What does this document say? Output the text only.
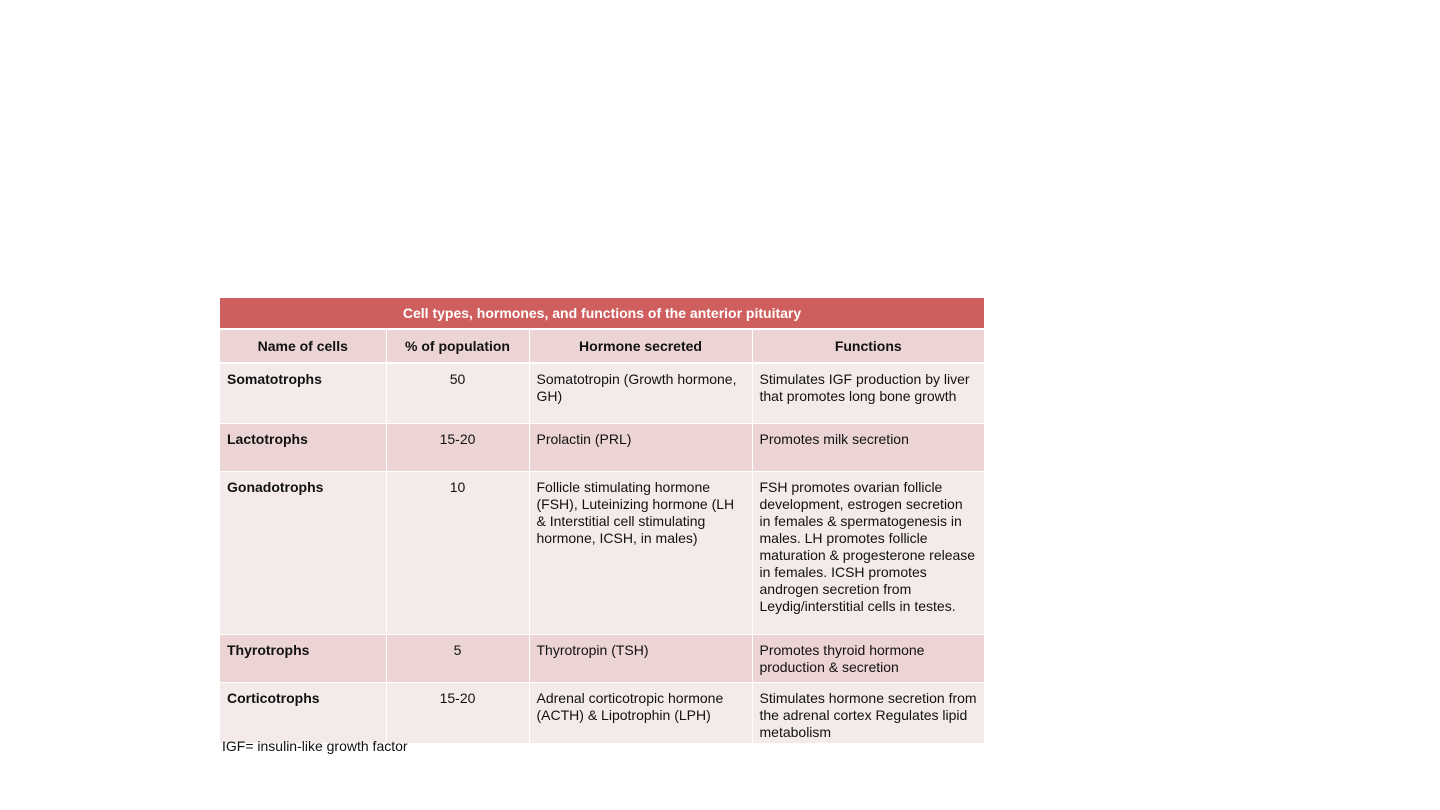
Cell types, hormones, and functions of the anterior pituitary			
Name of cells	% of population	Hormone secreted	Functions
Somatotrophs	50	Somatotropin (Growth hormone, GH)	Stimulates IGF production by liver that promotes long bone growth
Lactotrophs	15-20	Prolactin (PRL)	Promotes milk secretion
Gonadotrophs	10	Follicle stimulating hormone (FSH), Luteinizing hormone (LH & Interstitial cell stimulating hormone, ICSH, in males)	FSH promotes ovarian follicle development, estrogen secretion in females & spermatogenesis in males. LH promotes follicle maturation & progesterone release in females. ICSH promotes androgen secretion from Leydig/interstitial cells in testes.
Thyrotrophs	5	Thyrotropin (TSH)	Promotes thyroid hormone production & secretion
Corticotrophs	15-20	Adrenal corticotropic hormone (ACTH) & Lipotrophin (LPH)	Stimulates hormone secretion from the adrenal cortex Regulates lipid metabolism
IGF= insulin-like growth factor
